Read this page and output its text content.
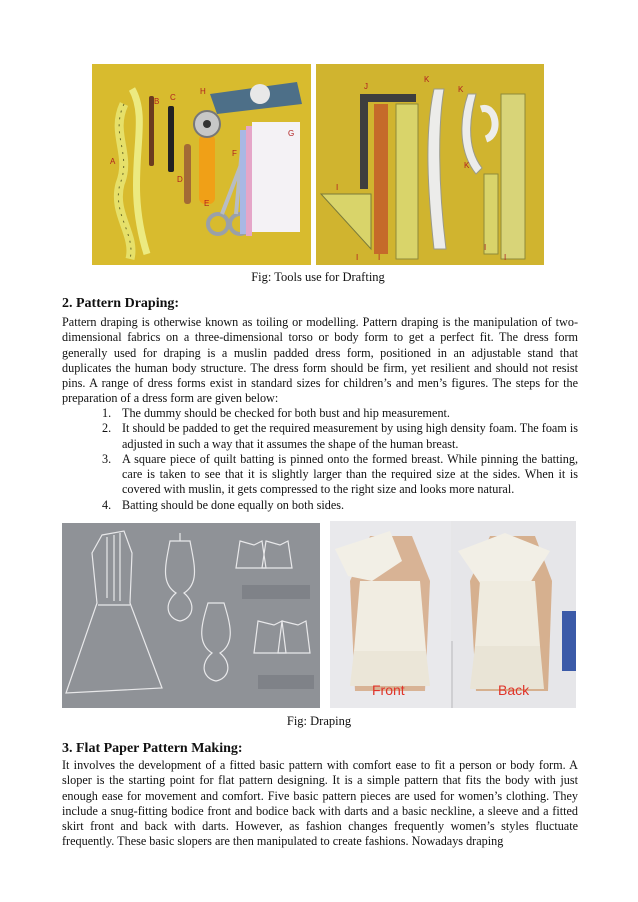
A
B C
D
E
F
G
H
J
K
K
K
I
I I
I
I
Fig: Tools use for Drafting
2. Pattern Draping:
Pattern draping is otherwise known as toiling or modelling. Pattern draping is the manipulation of two-dimensional fabrics on a three-dimensional torso or body form to get a perfect fit. The dress form generally used for draping is a muslin padded dress form, positioned in an adjustable stand that duplicates the human body structure. The dress form should be firm, yet resilient and should not resist pins. A range of dress forms exist in standard sizes for children’s and men’s figures. The steps for the preparation of a dress form are given below:
1. The dummy should be checked for both bust and hip measurement.
2. It should be padded to get the required measurement by using high density foam. The foam is adjusted in such a way that it assumes the shape of the human breast.
3. A square piece of quilt batting is pinned onto the formed breast. While pinning the batting, care is taken to see that it is slightly larger than the required size at the sides. When it is covered with muslin, it gets compressed to the right size and looks more natural.
4. Batting should be done equally on both sides.
Front	Back
Fig: Draping
3. Flat Paper Pattern Making:
It involves the development of a fitted basic pattern with comfort ease to fit a person or body form. A sloper is the starting point for flat pattern designing. It is a simple pattern that fits the body with just enough ease for movement and comfort. Five basic pattern pieces are used for women’s clothing. They include a snug-fitting bodice front and bodice back with darts and a basic neckline, a sleeve and a fitted skirt front and back with darts. However, as fashion changes frequently women’s styles fluctuate frequently. These basic slopers are then manipulated to create fashions. Nowadays draping
